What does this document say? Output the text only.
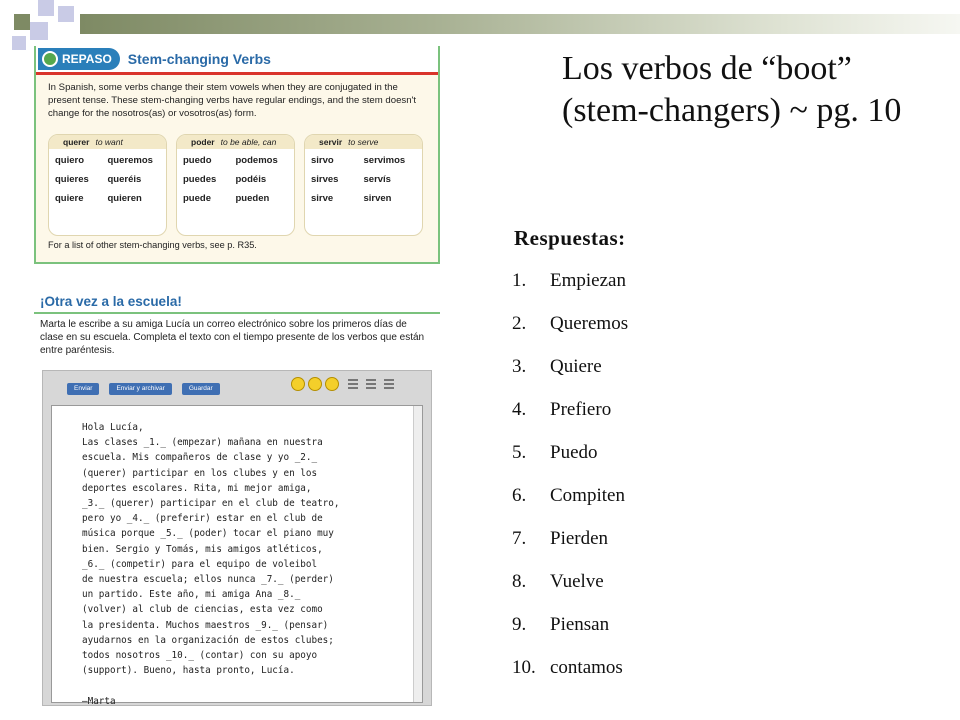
Los verbos de “boot”
(stem-changers) ~ pg. 10
REPASO Stem-changing Verbs
In Spanish, some verbs change their stem vowels when they are conjugated in the present tense. These stem-changing verbs have regular endings, and the stem doesn't change for the nosotros(as) or vosotros(as) form.
querer to want
quiero	queremos
quieres	queréis
quiere	quieren
poder to be able, can
puedo	podemos
puedes	podéis
puede	pueden
servir to serve
sirvo	servimos
sirves	servís
sirve	sirven
For a list of other stem-changing verbs, see p. R35.
¡Otra vez a la escuela!
Marta le escribe a su amiga Lucía un correo electrónico sobre los primeros días de clase en su escuela. Completa el texto con el tiempo presente de los verbos que están entre paréntesis.
Enviar	Enviar y archivar	Guardar
Hola Lucía,
Las clases _1._ (empezar) mañana en nuestra
escuela. Mis compañeros de clase y yo _2._
(querer) participar en los clubes y en los
deportes escolares. Rita, mi mejor amiga,
_3._ (querer) participar en el club de teatro,
pero yo _4._ (preferir) estar en el club de
música porque _5._ (poder) tocar el piano muy
bien. Sergio y Tomás, mis amigos atléticos,
_6._ (competir) para el equipo de voleibol
de nuestra escuela; ellos nunca _7._ (perder)
un partido. Este año, mi amiga Ana _8._
(volver) al club de ciencias, esta vez como
la presidenta. Muchos maestros _9._ (pensar)
ayudarnos en la organización de estos clubes;
todos nosotros _10._ (contar) con su apoyo
(support). Bueno, hasta pronto, Lucía.

—Marta
Respuestas:
1.	Empiezan
2.	Queremos
3.	Quiere
4.	Prefiero
5.	Puedo
6.	Compiten
7.	Pierden
8.	Vuelve
9.	Piensan
10. contamos
